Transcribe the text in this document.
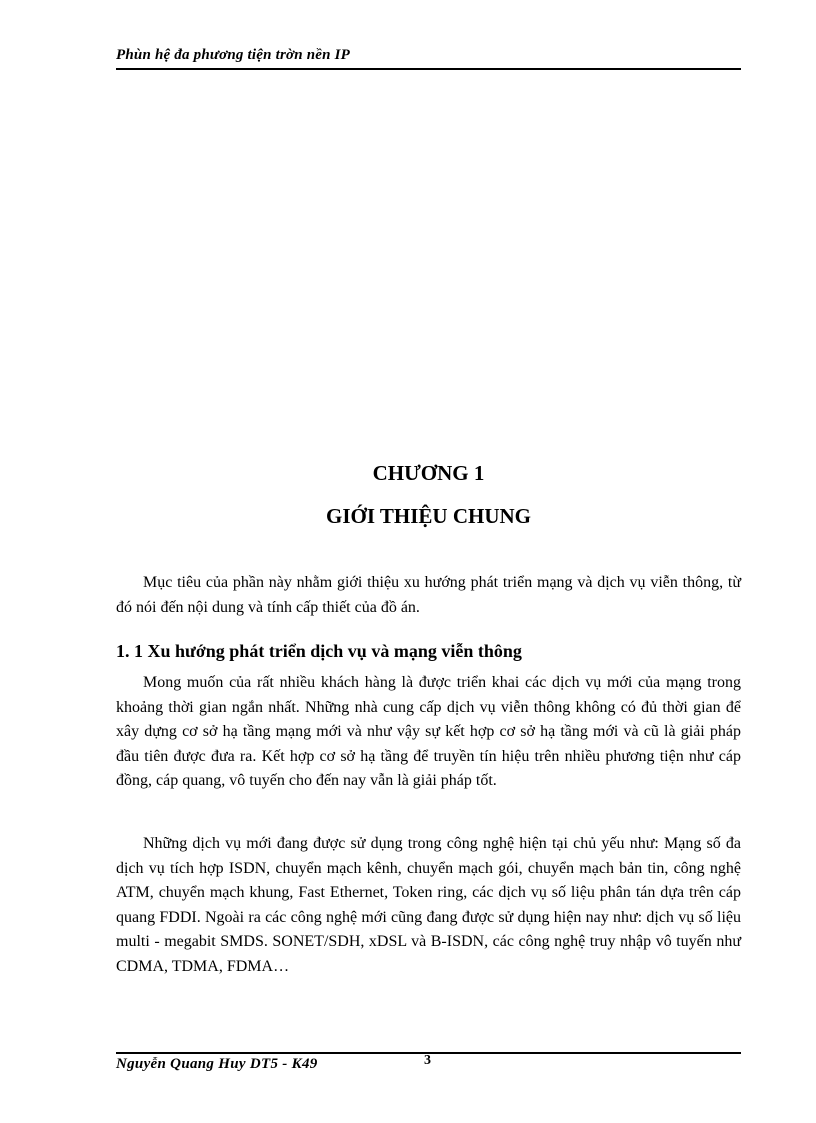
Phùn hệ đa phương tiện trờn nền IP
CHƯƠNG 1
GIỚI THIỆU CHUNG

Mục tiêu của phần này nhằm giới thiệu xu hướng phát triển mạng và dịch vụ viễn thông, từ đó nói đến nội dung và tính cấp thiết của đồ án.

1. 1 Xu hướng phát triển dịch vụ và mạng viễn thông

Mong muốn của rất nhiều khách hàng là được triển khai các dịch vụ mới của mạng trong khoảng thời gian ngắn nhất. Những nhà cung cấp dịch vụ viễn thông không có đủ thời gian để xây dựng cơ sở hạ tầng mạng mới và như vậy sự kết hợp cơ sở hạ tầng mới và cũ là giải pháp đầu tiên được đưa ra. Kết hợp cơ sở hạ tầng để truyền tín hiệu trên nhiều phương tiện như cáp đồng, cáp quang, vô tuyến cho đến nay vẫn là giải pháp tốt.

Những dịch vụ mới đang được sử dụng trong công nghệ hiện tại chủ yếu như: Mạng số đa dịch vụ tích hợp ISDN, chuyển mạch kênh, chuyển mạch gói, chuyển mạch bản tin, công nghệ ATM, chuyển mạch khung, Fast Ethernet, Token ring, các dịch vụ số liệu phân tán dựa trên cáp quang FDDI. Ngoài ra các công nghệ mới cũng đang được sử dụng hiện nay như: dịch vụ số liệu multi - megabit SMDS. SONET/SDH, xDSL và B-ISDN, các công nghệ truy nhập vô tuyến như CDMA, TDMA, FDMA…

Nguyễn Quang Huy DT5 - K49	3
